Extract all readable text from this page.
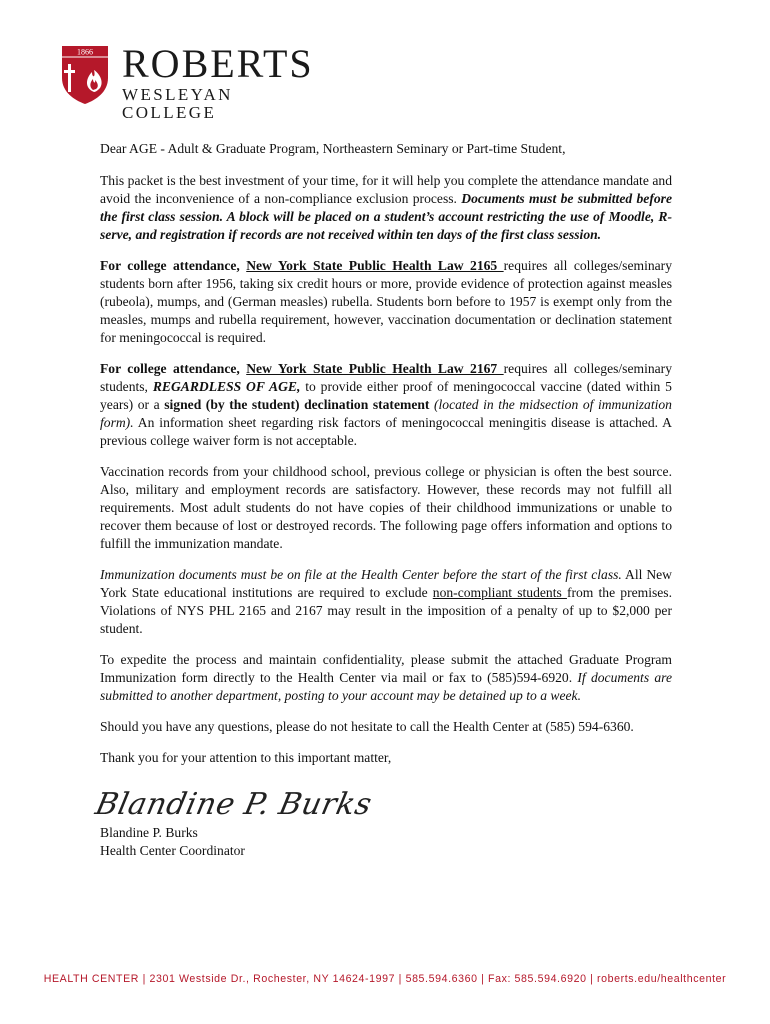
1866 ROBERTS
WESLEYAN COLLEGE

Dear AGE - Adult & Graduate Program, Northeastern Seminary or Part-time Student,

This packet is the best investment of your time, for it will help you complete the attendance mandate and avoid the inconvenience of a non-compliance exclusion process. Documents must be submitted before the first class session. A block will be placed on a student’s account restricting the use of Moodle, R-serve, and registration if records are not received within ten days of the first class session.

For college attendance, New York State Public Health Law 2165 requires all colleges/seminary students born after 1956, taking six credit hours or more, provide evidence of protection against measles (rubeola), mumps, and (German measles) rubella. Students born before to 1957 is exempt only from the measles, mumps and rubella requirement, however, vaccination documentation or declination statement for meningococcal is required.

For college attendance, New York State Public Health Law 2167 requires all colleges/seminary students, REGARDLESS OF AGE, to provide either proof of meningococcal vaccine (dated within 5 years) or a signed (by the student) declination statement (located in the midsection of immunization form). An information sheet regarding risk factors of meningococcal meningitis disease is attached. A previous college waiver form is not acceptable.

Vaccination records from your childhood school, previous college or physician is often the best source. Also, military and employment records are satisfactory. However, these records may not fulfill all requirements. Most adult students do not have copies of their childhood immunizations or unable to recover them because of lost or destroyed records. The following page offers information and options to fulfill the immunization mandate.

Immunization documents must be on file at the Health Center before the start of the first class. All New York State educational institutions are required to exclude non-compliant students from the premises. Violations of NYS PHL 2165 and 2167 may result in the imposition of a penalty of up to $2,000 per student.

To expedite the process and maintain confidentiality, please submit the attached Graduate Program Immunization form directly to the Health Center via mail or fax to (585)594-6920. If documents are submitted to another department, posting to your account may be detained up to a week.

Should you have any questions, please do not hesitate to call the Health Center at (585) 594-6360.

Thank you for your attention to this important matter,

Blandine P. Burks

Blandine P. Burks

Health Center Coordinator

HEALTH CENTER | 2301 Westside Dr., Rochester, NY 14624-1997 | 585.594.6360 | Fax: 585.594.6920 | roberts.edu/healthcenter
